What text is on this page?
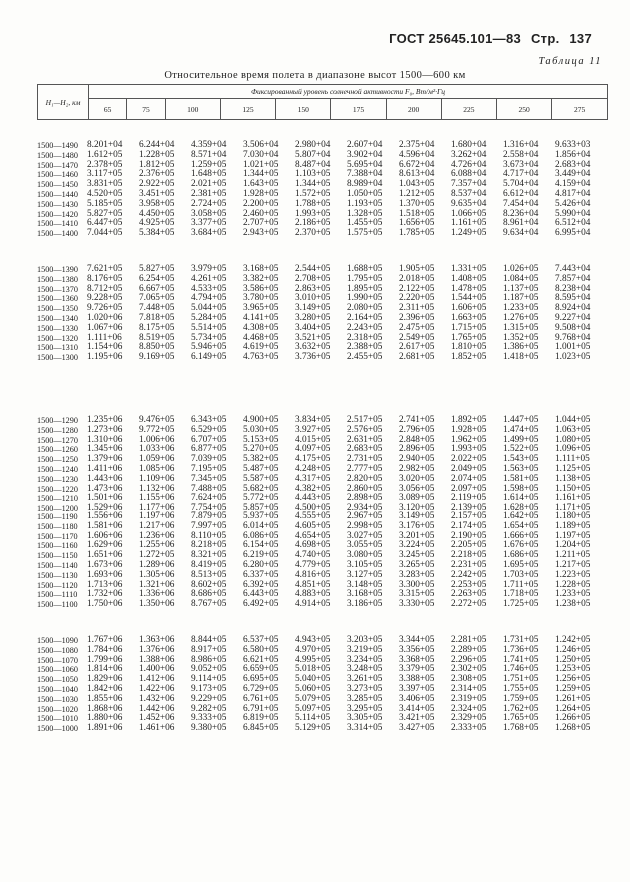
ГОСТ 25645.101—83 Стр. 137
Таблица 11
Относительное время полета в диапазоне высот 1500—600 км
H₁—H₂, км	Фиксированный уровень солнечной активности F₀, Вт/м²·Гц									
	65	75	100	125	150	175	200	225	250	275
1500—1490	8.201+04	6.244+04	4.359+04	3.506+04	2.980+04	2.607+04	2.375+04	1.680+04	1.316+04	9.633+03
1500—1480	1.612+05	1.228+05	8.571+04	7.030+04	5.807+04	3.902+04	4.596+04	3.262+04	2.558+04	1.856+04
1500—1470	2.378+05	1.812+05	1.259+05	1.021+05	8.487+04	5.695+04	6.672+04	4.726+04	3.673+04	2.683+04
1500—1460	3.117+05	2.376+05	1.648+05	1.344+05	1.103+05	7.388+04	8.613+04	6.088+04	4.717+04	3.449+04
1500—1450	3.831+05	2.922+05	2.021+05	1.643+05	1.344+05	8.989+04	1.043+05	7.357+04	5.704+04	4.159+04
1500—1440	4.520+05	3.451+05	2.381+05	1.928+05	1.572+05	1.050+05	1.212+05	8.537+04	6.612+04	4.817+04
1500—1430	5.185+05	3.958+05	2.724+05	2.200+05	1.788+05	1.193+05	1.370+05	9.635+04	7.454+04	5.426+04
1500—1420	5.827+05	4.450+05	3.058+05	2.460+05	1.993+05	1.328+05	1.518+05	1.066+05	8.236+04	5.990+04
1500—1410	6.447+05	4.925+05	3.377+05	2.707+05	2.186+05	1.455+05	1.656+05	1.161+05	8.961+04	6.512+04
1500—1400	7.044+05	5.384+05	3.684+05	2.943+05	2.370+05	1.575+05	1.785+05	1.249+05	9.634+04	6.995+04
1500—1390	7.621+05	5.827+05	3.979+05	3.168+05	2.544+05	1.688+05	1.905+05	1.331+05	1.026+05	7.443+04
1500—1380	8.176+05	6.254+05	4.261+05	3.382+05	2.708+05	1.795+05	2.018+05	1.408+05	1.084+05	7.857+04
1500—1370	8.712+05	6.667+05	4.533+05	3.586+05	2.863+05	1.895+05	2.122+05	1.478+05	1.137+05	8.238+04
1500—1360	9.228+05	7.065+05	4.794+05	3.780+05	3.010+05	1.990+05	2.220+05	1.544+05	1.187+05	8.595+04
1500—1350	9.726+05	7.448+05	5.044+05	3.965+05	3.149+05	2.080+05	2.311+05	1.606+05	1.233+05	8.924+04
1500—1340	1.020+06	7.818+05	5.284+05	4.141+05	3.280+05	2.164+05	2.396+05	1.663+05	1.276+05	9.227+04
1500—1330	1.067+06	8.175+05	5.514+05	4.308+05	3.404+05	2.243+05	2.475+05	1.715+05	1.315+05	9.508+04
1500—1320	1.111+06	8.519+05	5.734+05	4.468+05	3.521+05	2.318+05	2.549+05	1.765+05	1.352+05	9.768+04
1500—1310	1.154+06	8.850+05	5.946+05	4.619+05	3.632+05	2.388+05	2.617+05	1.810+05	1.386+05	1.001+05
1500—1300	1.195+06	9.169+05	6.149+05	4.763+05	3.736+05	2.455+05	2.681+05	1.852+05	1.418+05	1.023+05
1500—1290	1.235+06	9.476+05	6.343+05	4.900+05	3.834+05	2.517+05	2.741+05	1.892+05	1.447+05	1.044+05
1500—1280	1.273+06	9.772+05	6.529+05	5.030+05	3.927+05	2.576+05	2.796+05	1.928+05	1.474+05	1.063+05
1500—1270	1.310+06	1.006+06	6.707+05	5.153+05	4.015+05	2.631+05	2.848+05	1.962+05	1.499+05	1.080+05
1500—1260	1.345+06	1.033+06	6.877+05	5.270+05	4.097+05	2.683+05	2.896+05	1.993+05	1.522+05	1.096+05
1500—1250	1.379+06	1.059+06	7.039+05	5.382+05	4.175+05	2.731+05	2.940+05	2.022+05	1.543+05	1.111+05
1500—1240	1.411+06	1.085+06	7.195+05	5.487+05	4.248+05	2.777+05	2.982+05	2.049+05	1.563+05	1.125+05
1500—1230	1.443+06	1.109+06	7.345+05	5.587+05	4.317+05	2.820+05	3.020+05	2.074+05	1.581+05	1.138+05
1500—1220	1.473+06	1.132+06	7.488+05	5.682+05	4.382+05	2.860+05	3.056+05	2.097+05	1.598+05	1.150+05
1500—1210	1.501+06	1.155+06	7.624+05	5.772+05	4.443+05	2.898+05	3.089+05	2.119+05	1.614+05	1.161+05
1500—1200	1.529+06	1.177+06	7.754+05	5.857+05	4.500+05	2.934+05	3.120+05	2.139+05	1.628+05	1.171+05
1500—1190	1.556+06	1.197+06	7.879+05	5.937+05	4.555+05	2.967+05	3.149+05	2.157+05	1.642+05	1.180+05
1500—1180	1.581+06	1.217+06	7.997+05	6.014+05	4.605+05	2.998+05	3.176+05	2.174+05	1.654+05	1.189+05
1500—1170	1.606+06	1.236+06	8.110+05	6.086+05	4.654+05	3.027+05	3.201+05	2.190+05	1.666+05	1.197+05
1500—1160	1.629+06	1.255+06	8.218+05	6.154+05	4.698+05	3.055+05	3.224+05	2.205+05	1.676+05	1.204+05
1500—1150	1.651+06	1.272+05	8.321+05	6.219+05	4.740+05	3.080+05	3.245+05	2.218+05	1.686+05	1.211+05
1500—1140	1.673+06	1.289+06	8.419+05	6.280+05	4.779+05	3.105+05	3.265+05	2.231+05	1.695+05	1.217+05
1500—1130	1.693+06	1.305+06	8.513+05	6.337+05	4.816+05	3.127+05	3.283+05	2.242+05	1.703+05	1.223+05
1500—1120	1.713+06	1.321+06	8.602+05	6.392+05	4.851+05	3.148+05	3.300+05	2.253+05	1.711+05	1.228+05
1500—1110	1.732+06	1.336+06	8.686+05	6.443+05	4.883+05	3.168+05	3.315+05	2.263+05	1.718+05	1.233+05
1500—1100	1.750+06	1.350+06	8.767+05	6.492+05	4.914+05	3.186+05	3.330+05	2.272+05	1.725+05	1.238+05
1500—1090	1.767+06	1.363+06	8.844+05	6.537+05	4.943+05	3.203+05	3.344+05	2.281+05	1.731+05	1.242+05
1500—1080	1.784+06	1.376+06	8.917+05	6.580+05	4.970+05	3.219+05	3.356+05	2.289+05	1.736+05	1.246+05
1500—1070	1.799+06	1.388+06	8.986+05	6.621+05	4.995+05	3.234+05	3.368+05	2.296+05	1.741+05	1.250+05
1500—1060	1.814+06	1.400+06	9.052+05	6.659+05	5.018+05	3.248+05	3.379+05	2.302+05	1.746+05	1.253+05
1500—1050	1.829+06	1.412+06	9.114+05	6.695+05	5.040+05	3.261+05	3.388+05	2.308+05	1.751+05	1.256+05
1500—1040	1.842+06	1.422+06	9.173+05	6.729+05	5.060+05	3.273+05	3.397+05	2.314+05	1.755+05	1.259+05
1500—1030	1.855+06	1.432+06	9.229+05	6.761+05	5.079+05	3.285+05	3.406+05	2.319+05	1.759+05	1.261+05
1500—1020	1.868+06	1.442+06	9.282+05	6.791+05	5.097+05	3.295+05	3.414+05	2.324+05	1.762+05	1.264+05
1500—1010	1.880+06	1.452+06	9.333+05	6.819+05	5.114+05	3.305+05	3.421+05	2.329+05	1.765+05	1.266+05
1500—1000	1.891+06	1.461+06	9.380+05	6.845+05	5.129+05	3.314+05	3.427+05	2.333+05	1.768+05	1.268+05
